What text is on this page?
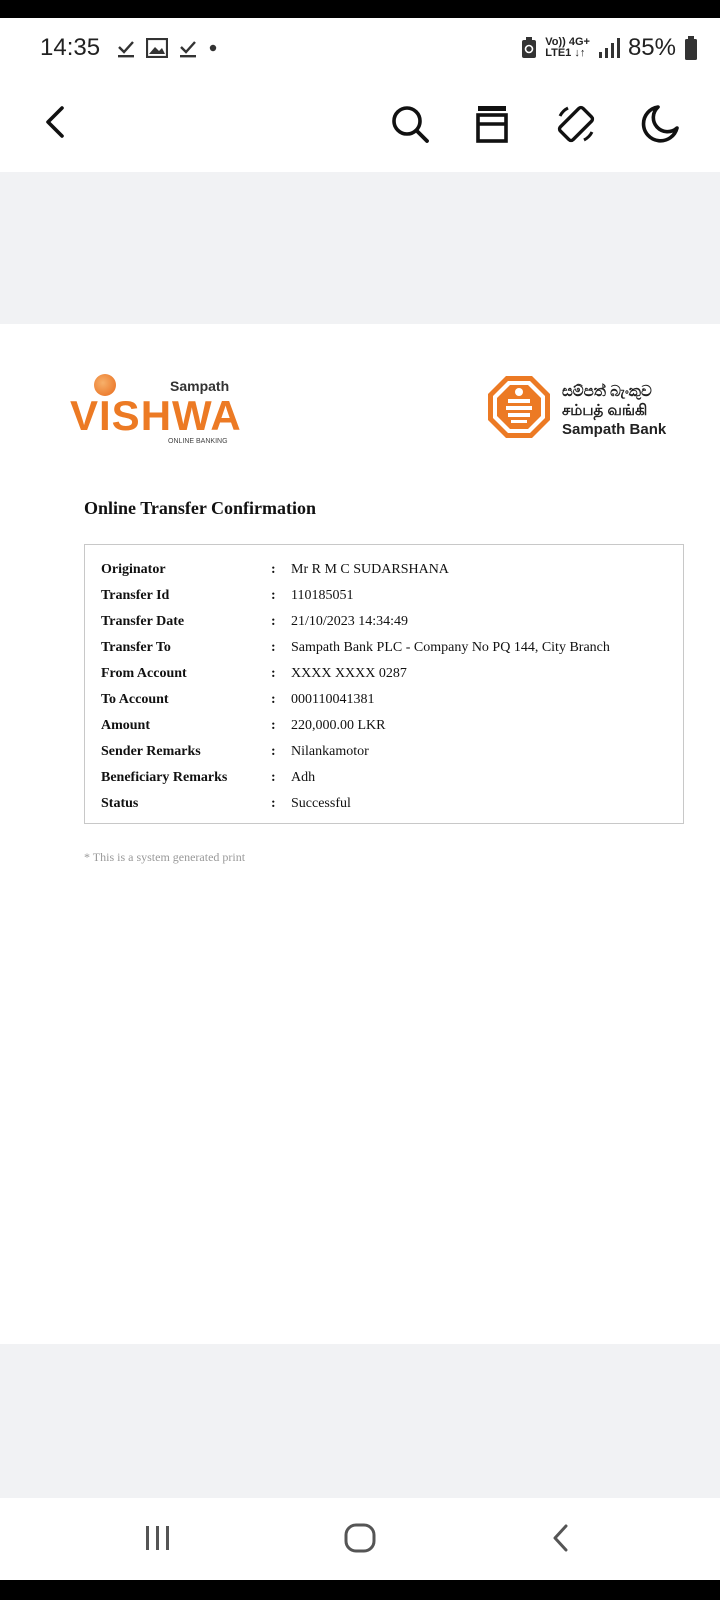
14:35	Vo)) 4G+
LTE1 ↓↑ 85%
Sampath
VISHWA
ONLINE BANKING
සම්පත් බැංකුව
சம்பத் வங்கி
Sampath Bank
Online Transfer Confirmation
Originator	: Mr R M C SUDARSHANA
Transfer Id	: 110185051
Transfer Date	: 21/10/2023 14:34:49
Transfer To	: Sampath Bank PLC - Company No PQ 144, City Branch
From Account	: XXXX XXXX 0287
To Account	: 000110041381
Amount	: 220,000.00 LKR
Sender Remarks	: Nilankamotor
Beneficiary Remarks	: Adh
Status	: Successful
* This is a system generated print
